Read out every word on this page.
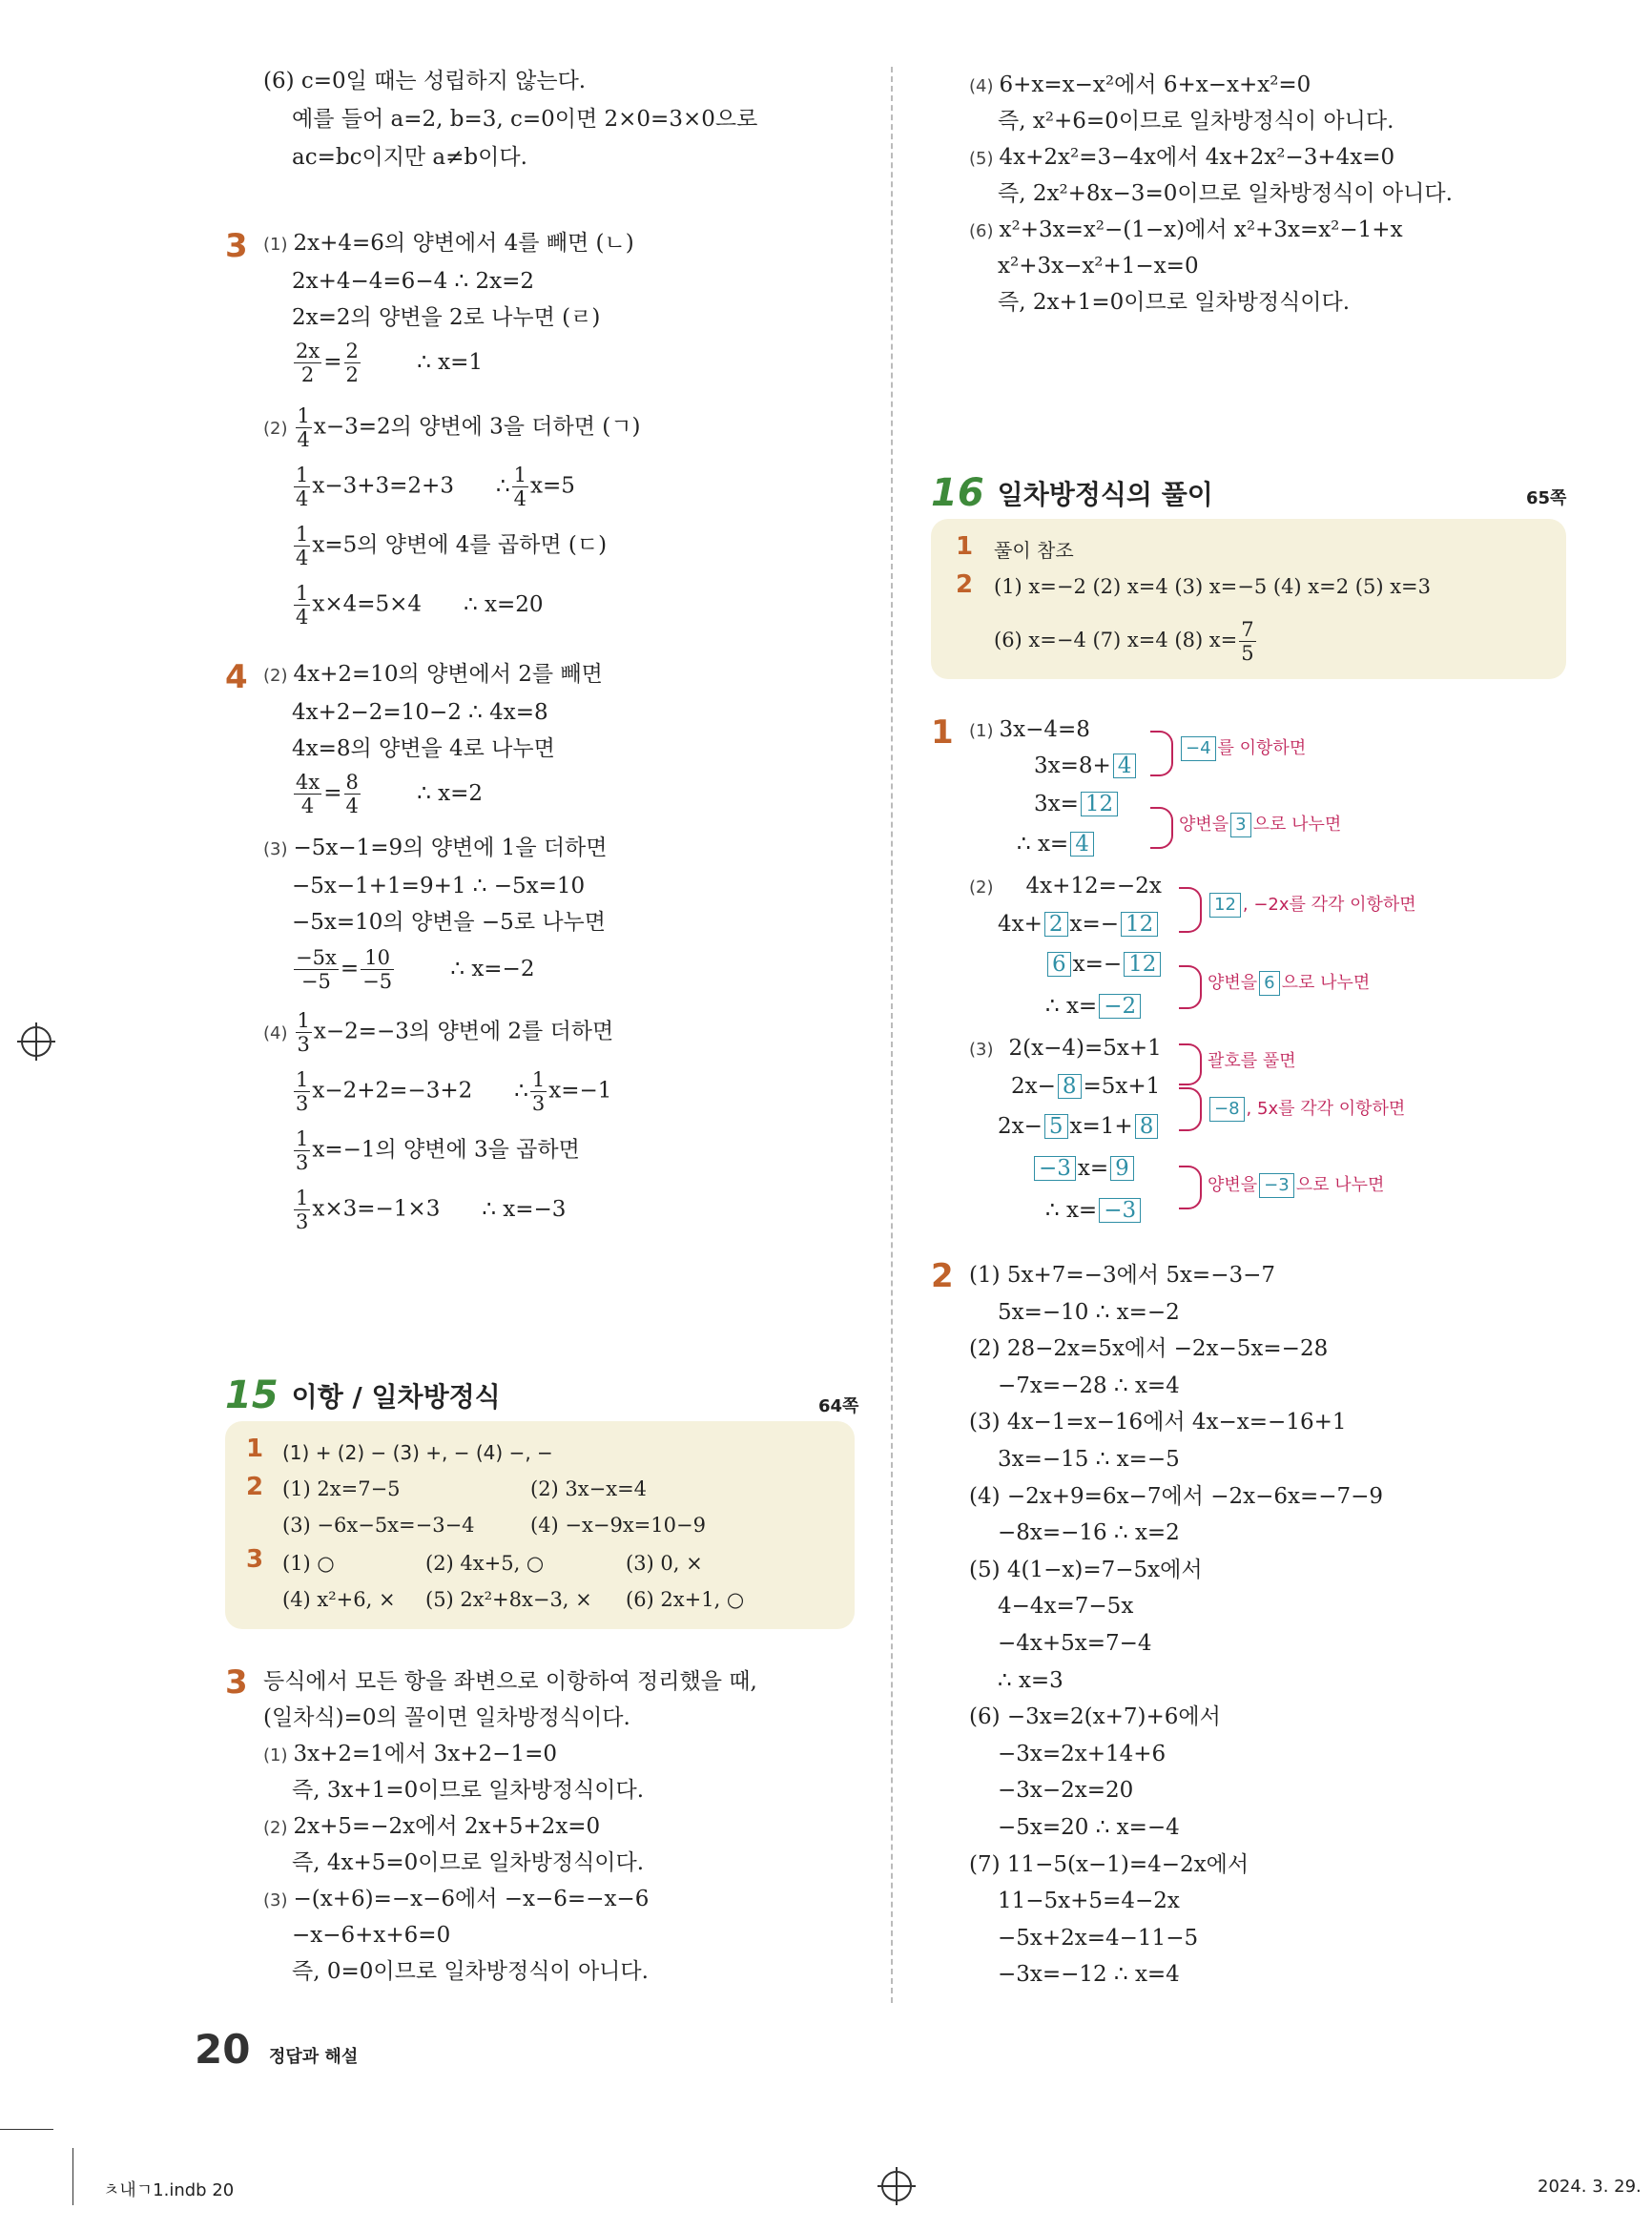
(6) c=0일 때는 성립하지 않는다.
예를 들어 a=2, b=3, c=0이면 2×0=3×0으로
ac=bc이지만 a≠b이다.
3 (1) 2x+4=6의 양변에서 4를 빼면 (ㄴ)
2x+4−4=6−4 ∴ 2x=2
2x=2의 양변을 2로 나누면 (ㄹ)
$\frac{2x}{2} = \frac{2}{2}$	∴ x=1
$(2) \frac{1}{4} x-3=2$의 양변에 3을 더하면 (ㄱ)
$\frac{1}{4} x-3+3=2+3$ ∴ $\frac{1}{4} x=5$
$\frac{1}{4} x=5$의 양변에 4를 곱하면 (ㄷ)
$\frac{1}{4} x\times 4=5\times 4$ ∴ x=20
4 (2) 4x+2=10의 양변에서 2를 빼면
4x+2−2=10−2 ∴ 4x=8
4x=8의 양변을 4로 나누면
$\frac{4x}{4} = \frac{8}{4}$	∴ x=2
(3) −5x−1=9의 양변에 1을 더하면
−5x−1+1=9+1 ∴ −5x=10
−5x=10의 양변을 −5로 나누면
$\frac{-5x}{-5} = \frac{10}{-5}$	∴ x=−2
$(4) \frac{1}{3} x-2=-3$의 양변에 2를 더하면
$\frac{1}{3} x-2+2=-3+2$ ∴ $\frac{1}{3} x=-1$
$\frac{1}{3} x=-1$의 양변에 3을 곱하면
$\frac{1}{3} x\times 3=-1\times 3$ ∴ x=−3
15 이항 / 일차방정식	64쪽
1 (1) + (2) − (3) +, − (4) −, −
2 (1) 2x=7−5	(2) 3x−x=4
(3) −6x−5x=−3−4	(4) −x−9x=10−9
3 (1) ○	(2) 4x+5, ○	(3) 0, ×
(4) x²+6, × (5) 2x²+8x−3, × (6) 2x+1, ○
3 등식에서 모든 항을 좌변으로 이항하여 정리했을 때,
(일차식)=0의 꼴이면 일차방정식이다.
(1) 3x+2=1에서 3x+2−1=0
즉, 3x+1=0이므로 일차방정식이다.
(2) 2x+5=−2x에서 2x+5+2x=0
즉, 4x+5=0이므로 일차방정식이다.
(3) −(x+6)=−x−6에서 −x−6=−x−6
−x−6+x+6=0
즉, 0=0이므로 일차방정식이 아니다.
(4) 6+x=x−x²에서 6+x−x+x²=0
즉, x²+6=0이므로 일차방정식이 아니다.
(5) 4x+2x²=3−4x에서 4x+2x²−3+4x=0
즉, 2x²+8x−3=0이므로 일차방정식이 아니다.
(6) x²+3x=x²−(1−x)에서 x²+3x=x²−1+x
x²+3x−x²+1−x=0
즉, 2x+1=0이므로 일차방정식이다.
16 일차방정식의 풀이	65쪽
1 풀이 참조
2 (1) x=−2 (2) x=4 (3) x=−5 (4) x=2 (5) x=3
(6) x=−4 (7) x=4 (8) $x= \frac{7}{5}$
1 (1) 3x−4=8
3x=8+ 4
3x= 12
∴ x= 4
−4 를 이항하면
양변을 3 으로 나누면
(2) 4x+12=−2x
4x+ 2 x=− 12
6 x=− 12
∴ x= −2
12 , −2x를 각각 이항하면
양변을 6 으로 나누면
(3) 2(x−4)=5x+1
2x− 8 =5x+1
2x− 5 x=1+ 8
−3 x= 9
∴ x= −3
괄호를 풀면
−8 , 5x를 각각 이항하면
양변을 −3 으로 나누면
2 (1) 5x+7=−3에서 5x=−3−7
5x=−10 ∴ x=−2
(2) 28−2x=5x에서 −2x−5x=−28
−7x=−28 ∴ x=4
(3) 4x−1=x−16에서 4x−x=−16+1
3x=−15 ∴ x=−5
(4) −2x+9=6x−7에서 −2x−6x=−7−9
−8x=−16 ∴ x=2
(5) 4(1−x)=7−5x에서
4−4x=7−5x
−4x+5x=7−4
∴ x=3
(6) −3x=2(x+7)+6에서
−3x=2x+14+6
−3x−2x=20
−5x=20 ∴ x=−4
(7) 11−5(x−1)=4−2x에서
11−5x+5=4−2x
−5x+2x=4−11−5
−3x=−12 ∴ x=4
20 정답과 해설
ㅊ내ㄱ1.indb 20	2024. 3. 29.
